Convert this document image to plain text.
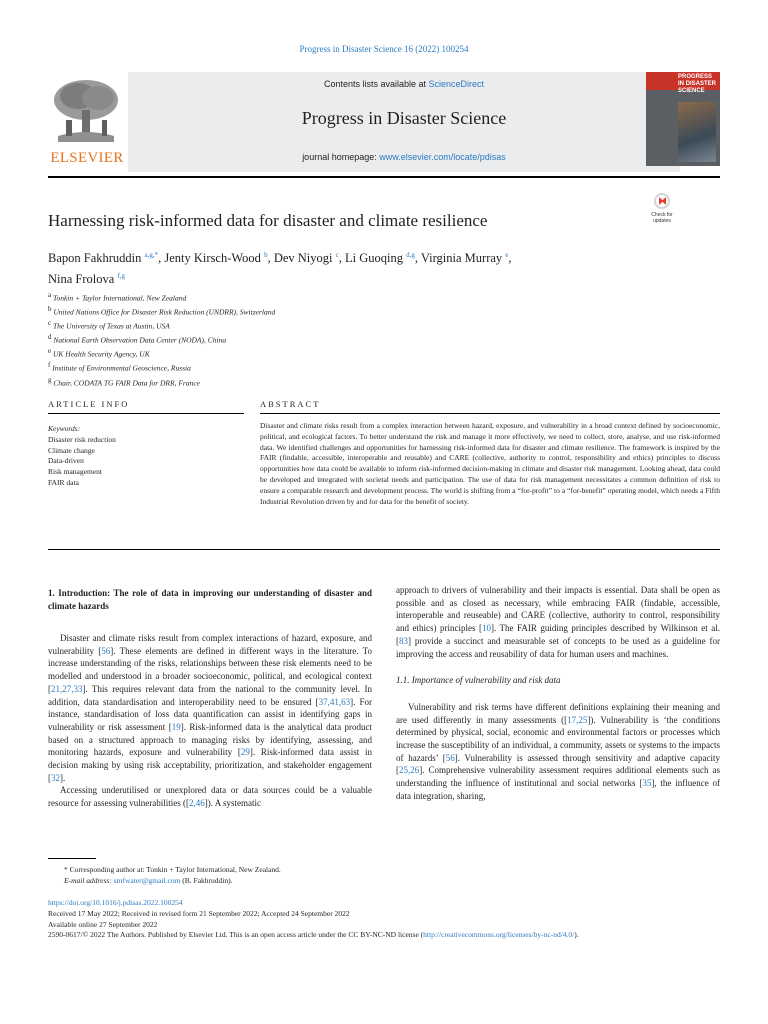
Progress in Disaster Science 16 (2022) 100254
ELSEVIER
Contents lists available at ScienceDirect
Progress in Disaster Science
journal homepage: www.elsevier.com/locate/pdisas
PROGRESS IN DISASTER SCIENCE
Harnessing risk-informed data for disaster and climate resilience	Check for updates
Bapon Fakhruddin $^{a,g,*}$, Jenty Kirsch-Wood $^b$, Dev Niyogi $^c$, Li Guoqing $^{d,g}$, Virginia Murray $^e$,
Nina Frolova $^{f,g}$
$^a$ Tonkin + Taylor International, New Zealand
$^b$ United Nations Office for Disaster Risk Reduction (UNDRR), Switzerland
$^c$ The University of Texas at Austin, USA
$^d$ National Earth Observation Data Center (NODA), China
$^e$ UK Health Security Agency, UK
$^f$ Institute of Environmental Geoscience, Russia
$^g$ Chair, CODATA TG FAIR Data for DRR, France
ARTICLE INFO	ABSTRACT
Keywords:
Disaster risk reduction
Climate change
Data-driven
Risk management
FAIR data
Disaster and climate risks result from a complex interaction between hazard, exposure, and vulnerability in a broad context defined by socioeconomic, political, and ecological factors. To better understand the risk and manage it more effectively, we need to collect, store, analyse, and use risk-informed data. We identified challenges and opportunities for harnessing risk-informed data for disaster and climate resilience. The framework is inspired by the FAIR (findable, accessible, interoperable and reusable) and CARE (collective, authority to control, responsibility and ethics) principles to discuss opportunities how data could be available to inform risk-informed decision-making in climate and disaster risk management. Looking ahead, data could be developed and integrated with societal needs and participation. The use of data for risk management necessitates a common definition of risk to ensure a comparable research and development process. The world is shifting from a “for-profit” to a “for-benefit” operating model, which needs a Fifth Industrial Revolution driven by and for data for the benefit of society.

1. Introduction: The role of data in improving our understanding of disaster and climate hazards

Disaster and climate risks result from complex interactions of hazard, exposure, and vulnerability [56]. These elements are defined in different ways in the literature. To increase understanding of the risks, relationships between these risk elements need to be modelled and understood in a broader socioeconomic, political, and ecological context [21,27,33]. This requires relevant data from the national to the community level. In addition, data standardisation and interoperability need to be ensured [37,41,63]. For instance, standardisation of loss data quantification can assist in identifying gaps in vulnerability or risk assessment [19]. Risk-informed data is the analytical data product based on a structured approach to managing risks by identifying, assessing, and monitoring hazards, exposure and vulnerability [29]. Risk-informed data assist in decision making by using risk acceptability, prioritization, and stakeholder engagement [32].

Accessing underutilised or unexplored data or data sources could be a valuable resource for assessing vulnerabilities ([2,46]). A systematic

approach to drivers of vulnerability and their impacts is essential. Data shall be open as possible and as closed as necessary, while embracing FAIR (findable, accessible, interoperable and reuseable) and CARE (collective, authority to control, responsibility and ethics) principles [10]. The FAIR guiding principles described by Wilkinson et al. [83] provide a succinct and measurable set of concepts to be used as a guideline for improving the access and reusability of data for human users and machines.

1.1. Importance of vulnerability and risk data

Vulnerability and risk terms have different definitions explaining their meaning and are used differently in many assessments ([17,25]). Vulnerability is ‘the conditions determined by physical, social, economic and environmental factors or processes which increase the susceptibility of an individual, a community, assets or systems to the impacts of hazards’ [56]. Vulnerability is assessed through sensitivity and adaptive capacity [25,26]. Comprehensive vulnerability assessment requires additional elements such as understanding the influence of institutional and social networks [35], the influence of data integration, sharing,

* Corresponding author at: Tonkin + Taylor International, New Zealand.
E-mail address: smfwater@gmail.com (B. Fakhruddin).
https://doi.org/10.1016/j.pdisas.2022.100254
Received 17 May 2022; Received in revised form 21 September 2022; Accepted 24 September 2022
Available online 27 September 2022
2590-0617/© 2022 The Authors. Published by Elsevier Ltd. This is an open access article under the CC BY-NC-ND license (http://creativecommons.org/licenses/by-nc-nd/4.0/).
